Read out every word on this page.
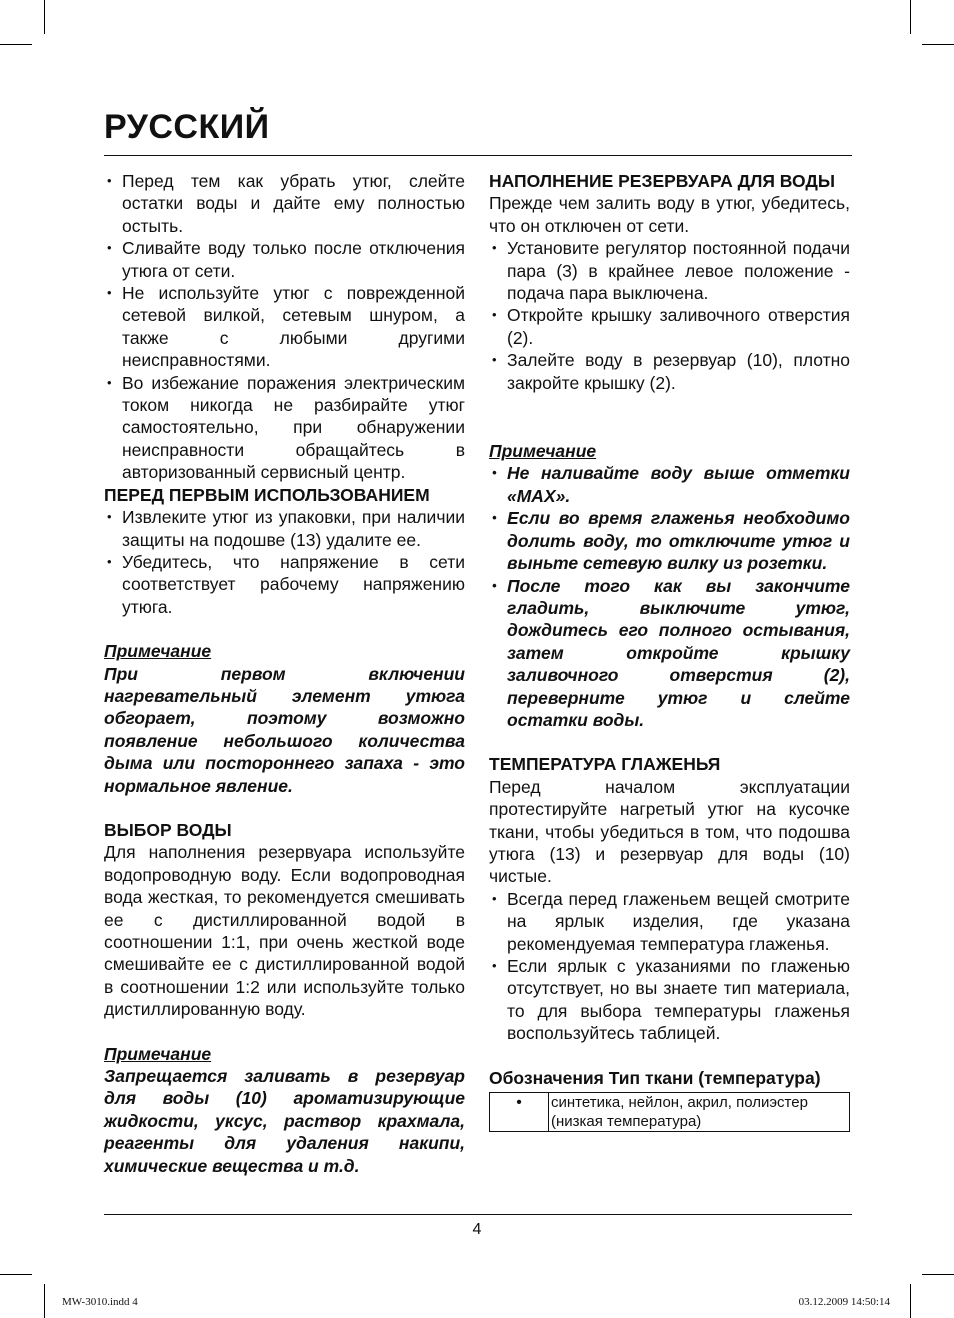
РУССКИЙ
• Перед тем как убрать утюг, слейте остатки воды и дайте ему полностью остыть.
• Сливайте воду только после отключения утюга от сети.
• Не используйте утюг с поврежденной сетевой вилкой, сетевым шнуром, а также с любыми другими неисправностями.
• Во избежание поражения электрическим током никогда не разбирайте утюг самостоятельно, при обнаружении неисправности обращайтесь в авторизованный сервисный центр.

ПЕРЕД ПЕРВЫМ ИСПОЛЬЗОВАНИЕМ

• Извлеките утюг из упаковки, при наличии защиты на подошве (13) удалите ее.
• Убедитесь, что напряжение в сети соответствует рабочему напряжению утюга.

Примечание

При первом включении нагревательный элемент утюга обгорает, поэтому возможно появление небольшого количества дыма или постороннего запаха - это нормальное явление.

ВЫБОР ВОДЫ

Для наполнения резервуара используйте водопроводную воду. Если водопроводная вода жесткая, то рекомендуется смешивать ее с дистиллированной водой в соотношении 1:1, при очень жесткой воде смешивайте ее с дистиллированной водой в соотношении 1:2 или используйте только дистиллированную воду.

Примечание

Запрещается заливать в резервуар для воды (10) ароматизирующие жидкости, уксус, раствор крахмала, реагенты для удаления накипи, химические вещества и т.д.

НАПОЛНЕНИЕ РЕЗЕРВУАРА ДЛЯ ВОДЫ

Прежде чем залить воду в утюг, убедитесь, что он отключен от сети.

• Установите регулятор постоянной подачи пара (3) в крайнее левое положение - подача пара выключена.
• Откройте крышку заливочного отверстия (2).
• Залейте воду в резервуар (10), плотно закройте крышку (2).

Примечание

• Не наливайте воду выше отметки «MAX».
• Если во время глаженья необходимо долить воду, то отключите утюг и выньте сетевую вилку из розетки.
• После того как вы закончите гладить, выключите утюг, дождитесь его полного остывания, затем откройте крышку заливочного отверстия (2), переверните утюг и слейте остатки воды.

ТЕМПЕРАТУРА ГЛАЖЕНЬЯ

Перед началом эксплуатации протестируйте нагретый утюг на кусочке ткани, чтобы убедиться в том, что подошва утюга (13) и резервуар для воды (10) чистые.

• Всегда перед глаженьем вещей смотрите на ярлык изделия, где указана рекомендуемая температура глаженья.
• Если ярлык с указаниями по глаженью отсутствует, но вы знаете тип материала, то для выбора температуры глаженья воспользуйтесь таблицей.

Обозначения Тип ткани (температура)

•	синтетика, нейлон, акрил, полиэстер (низкая температура)
4
MW-3010.indd 4	03.12.2009 14:50:14
